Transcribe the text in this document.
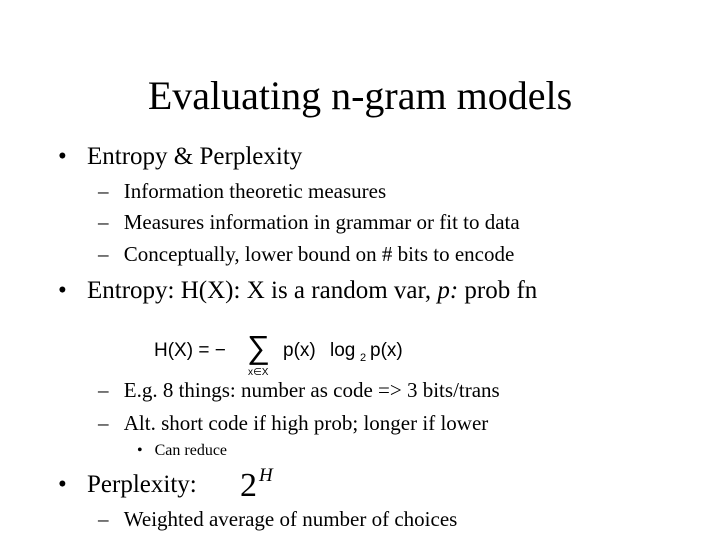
Evaluating n-gram models
• Entropy & Perplexity
– Information theoretic measures
– Measures information in grammar or fit to data
– Conceptually, lower bound on # bits to encode
• Entropy: H(X): X is a random var, p: prob fn
H(X) = − ∑
x∈X
p(x) log 2 p(x)
– E.g. 8 things: number as code => 3 bits/trans
– Alt. short code if high prob; longer if lower
• Can reduce
• Perplexity: 2 H
– Weighted average of number of choices
